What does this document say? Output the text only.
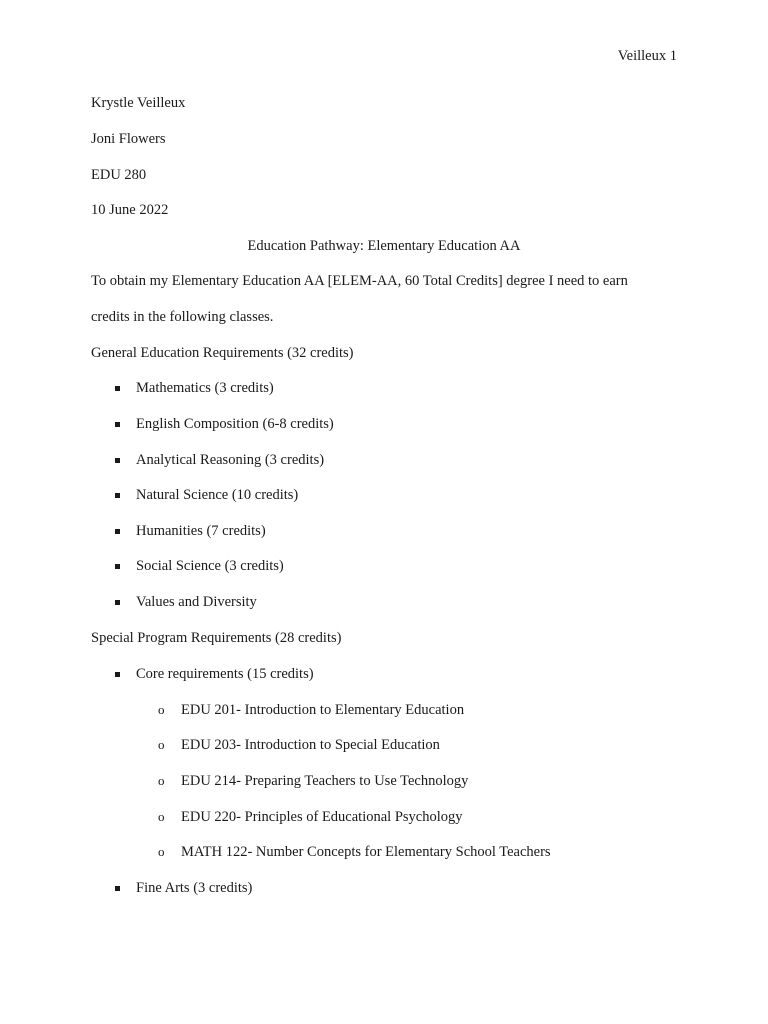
Veilleux 1
Krystle Veilleux
Joni Flowers
EDU 280
10 June 2022
Education Pathway: Elementary Education AA
To obtain my Elementary Education AA [ELEM-AA, 60 Total Credits] degree I need to earn
credits in the following classes.
General Education Requirements (32 credits)
Mathematics (3 credits)
English Composition (6-8 credits)
Analytical Reasoning (3 credits)
Natural Science (10 credits)
Humanities (7 credits)
Social Science (3 credits)
Values and Diversity
Special Program Requirements (28 credits)
Core requirements (15 credits)
o EDU 201- Introduction to Elementary Education
o EDU 203- Introduction to Special Education
o EDU 214- Preparing Teachers to Use Technology
o EDU 220- Principles of Educational Psychology
o MATH 122- Number Concepts for Elementary School Teachers
Fine Arts (3 credits)
